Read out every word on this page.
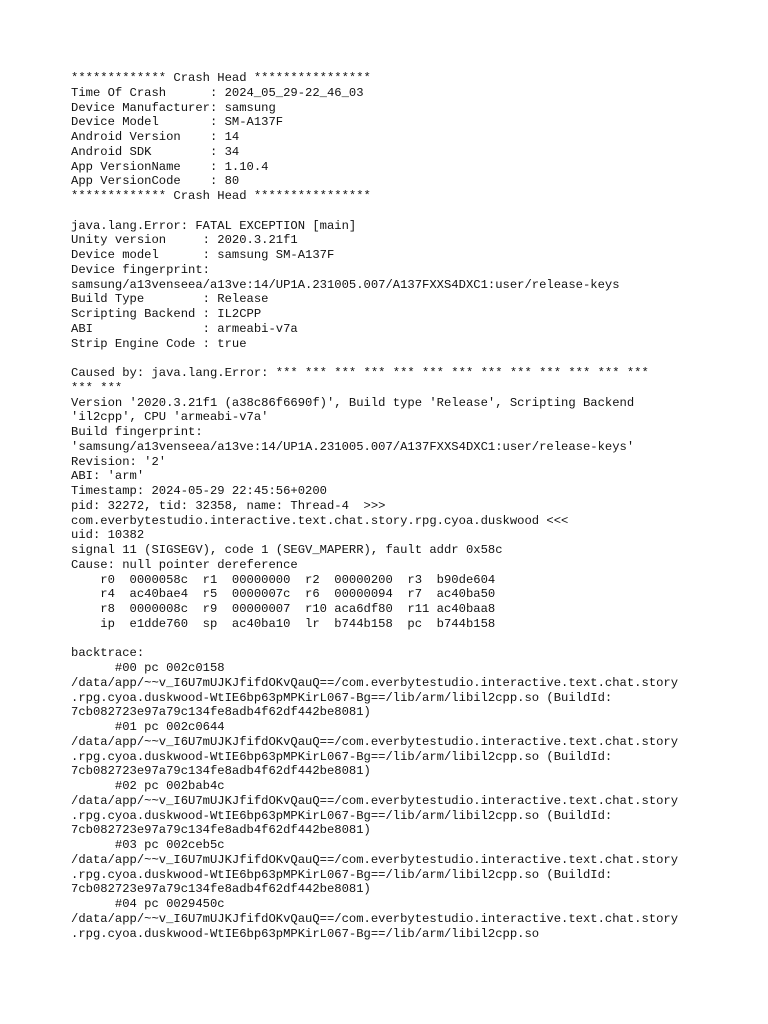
************* Crash Head ****************
Time Of Crash      : 2024_05_29-22_46_03
Device Manufacturer: samsung
Device Model       : SM-A137F
Android Version    : 14
Android SDK        : 34
App VersionName    : 1.10.4
App VersionCode    : 80
************* Crash Head ****************
java.lang.Error: FATAL EXCEPTION [main]
Unity version     : 2020.3.21f1
Device model      : samsung SM-A137F
Device fingerprint:
samsung/a13venseea/a13ve:14/UP1A.231005.007/A137FXXS4DXC1:user/release-keys
Build Type        : Release
Scripting Backend : IL2CPP
ABI               : armeabi-v7a
Strip Engine Code : true
Caused by: java.lang.Error: *** *** *** *** *** *** *** *** *** *** *** *** ***
*** ***
Version '2020.3.21f1 (a38c86f6690f)', Build type 'Release', Scripting Backend
'il2cpp', CPU 'armeabi-v7a'
Build fingerprint:
'samsung/a13venseea/a13ve:14/UP1A.231005.007/A137FXXS4DXC1:user/release-keys'
Revision: '2'
ABI: 'arm'
Timestamp: 2024-05-29 22:45:56+0200
pid: 32272, tid: 32358, name: Thread-4  >>>
com.everbytestudio.interactive.text.chat.story.rpg.cyoa.duskwood <<<
uid: 10382
signal 11 (SIGSEGV), code 1 (SEGV_MAPERR), fault addr 0x58c
Cause: null pointer dereference
r0  0000058c  r1  00000000  r2  00000200  r3  b90de604
r4  ac40bae4  r5  0000007c  r6  00000094  r7  ac40ba50
r8  0000008c  r9  00000007  r10 aca6df80  r11 ac40baa8
ip  e1dde760  sp  ac40ba10  lr  b744b158  pc  b744b158
backtrace:
#00 pc 002c0158
/data/app/~~v_I6U7mUJKJfifdOKvQauQ==/com.everbytestudio.interactive.text.chat.story
.rpg.cyoa.duskwood-WtIE6bp63pMPKirL067-Bg==/lib/arm/libil2cpp.so (BuildId:
7cb082723e97a79c134fe8adb4f62df442be8081)
#01 pc 002c0644
/data/app/~~v_I6U7mUJKJfifdOKvQauQ==/com.everbytestudio.interactive.text.chat.story
.rpg.cyoa.duskwood-WtIE6bp63pMPKirL067-Bg==/lib/arm/libil2cpp.so (BuildId:
7cb082723e97a79c134fe8adb4f62df442be8081)
#02 pc 002bab4c
/data/app/~~v_I6U7mUJKJfifdOKvQauQ==/com.everbytestudio.interactive.text.chat.story
.rpg.cyoa.duskwood-WtIE6bp63pMPKirL067-Bg==/lib/arm/libil2cpp.so (BuildId:
7cb082723e97a79c134fe8adb4f62df442be8081)
#03 pc 002ceb5c
/data/app/~~v_I6U7mUJKJfifdOKvQauQ==/com.everbytestudio.interactive.text.chat.story
.rpg.cyoa.duskwood-WtIE6bp63pMPKirL067-Bg==/lib/arm/libil2cpp.so (BuildId:
7cb082723e97a79c134fe8adb4f62df442be8081)
#04 pc 0029450c
/data/app/~~v_I6U7mUJKJfifdOKvQauQ==/com.everbytestudio.interactive.text.chat.story
.rpg.cyoa.duskwood-WtIE6bp63pMPKirL067-Bg==/lib/arm/libil2cpp.so
